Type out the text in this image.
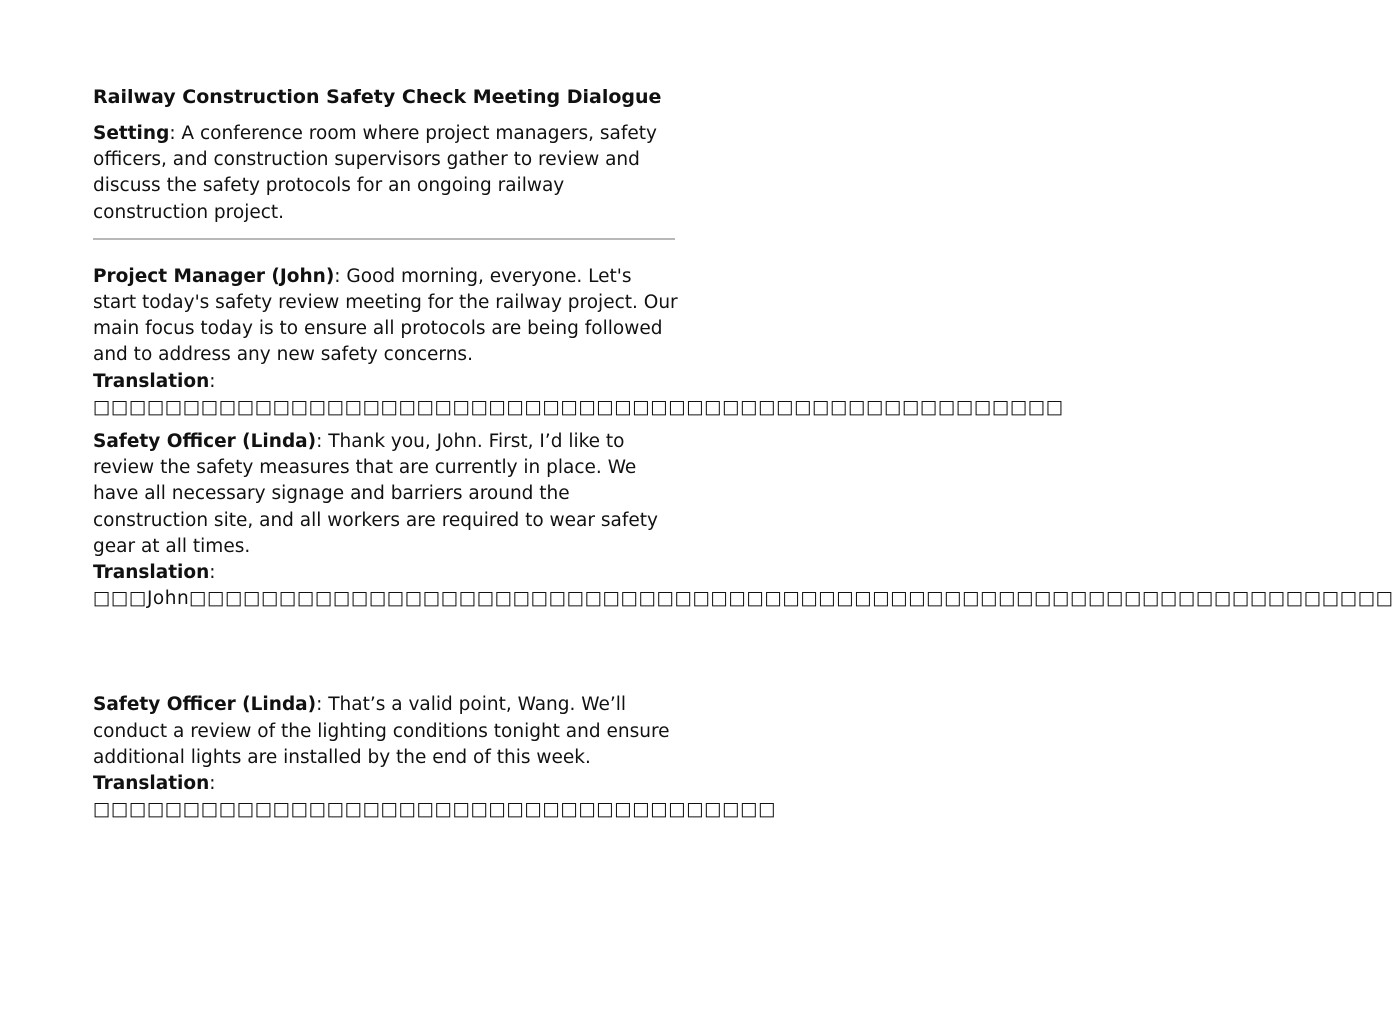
Railway Construction Safety Check Meeting Dialogue

Setting: A conference room where project managers, safety officers, and construction supervisors gather to review and discuss the safety protocols for an ongoing railway construction project.

Project Manager (John): Good morning, everyone. Let's start today's safety review meeting for the railway project. Our main focus today is to ensure all protocols are being followed and to address any new safety concerns.

Translation: □□□□□□□□□□□□□□□□□□□□□□□□□□□□□□□□□□□□□□□□□□□□□□□□□□□□□□

Safety Officer (Linda): Thank you, John. First, I’d like to review the safety measures that are currently in place. We have all necessary signage and barriers around the construction site, and all workers are required to wear safety gear at all times.

Translation: □□□John□□□□□□□□□□□□□□□□□□□□□□□□□□□□□□□□□□□□□□□□□□□□□□□□□□□□□□□□□□□□□□□□□□□

Safety Officer (Linda): That’s a valid point, Wang. We’ll conduct a review of the lighting conditions tonight and ensure additional lights are installed by the end of this week.

Translation: □□□□□□□□□□□□□□□□□□□□□□□□□□□□□□□□□□□□□□
